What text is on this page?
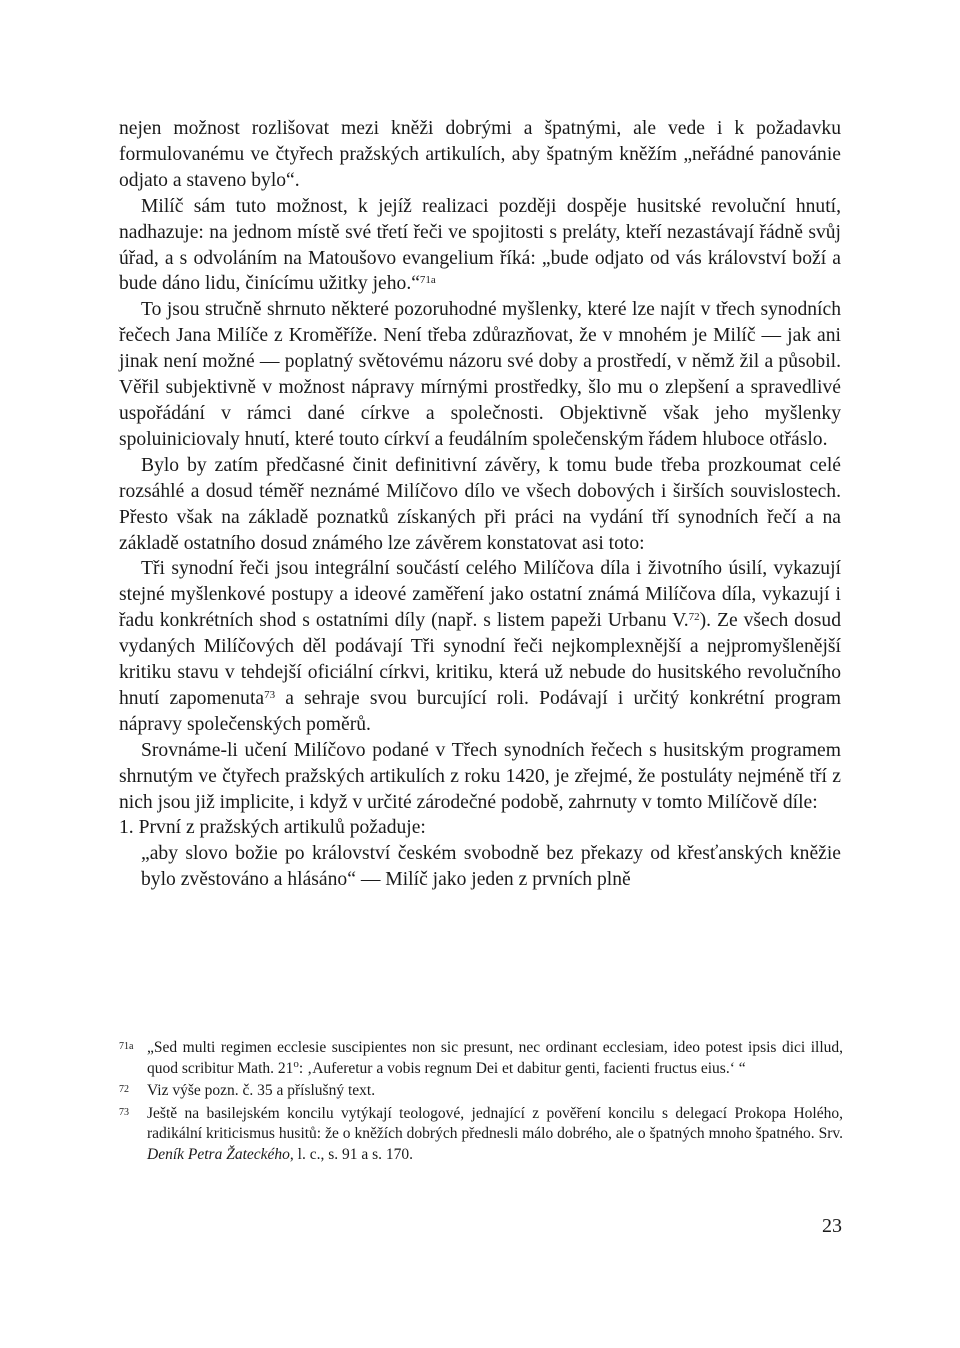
nejen možnost rozlišovat mezi kněži dobrými a špatnými, ale vede i k požadavku formulovanému ve čtyřech pražských artikulích, aby špatným kněžím „neřádné panovánie odjato a staveno bylo“.

Milíč sám tuto možnost, k jejíž realizaci později dospěje husitské revoluční hnutí, nadhazuje: na jednom místě své třetí řeči ve spojitosti s preláty, kteří nezastávají řádně svůj úřad, a s odvoláním na Matoušovo evangelium říká: „bude odjato od vás království boží a bude dáno lidu, činícímu užitky jeho.“$^{71a}$

To jsou stručně shrnuto některé pozoruhodné myšlenky, které lze najít v třech synodních řečech Jana Milíče z Kroměříže. Není třeba zdůrazňovat, že v mnohém je Milíč — jak ani jinak není možné — poplatný světovému názoru své doby a prostředí, v němž žil a působil. Věřil subjektivně v možnost nápravy mírnými prostředky, šlo mu o zlepšení a spravedlivé uspořádání v rámci dané církve a společnosti. Objektivně však jeho myšlenky spoluiniciovaly hnutí, které touto církví a feudálním společenským řádem hluboce otřáslo.

Bylo by zatím předčasné činit definitivní závěry, k tomu bude třeba prozkoumat celé rozsáhlé a dosud téměř neznámé Milíčovo dílo ve všech dobových i širších souvislostech. Přesto však na základě poznatků získaných při práci na vydání tří synodních řečí a na základě ostatního dosud známého lze závěrem konstatovat asi toto:

Tři synodní řeči jsou integrální součástí celého Milíčova díla i životního úsilí, vykazují stejné myšlenkové postupy a ideové zaměření jako ostatní známá Milíčova díla, vykazují i řadu konkrétních shod s ostatními díly (např. s listem papeži Urbanu V.$^{72}$). Ze všech dosud vydaných Milíčových děl podávají Tři synodní řeči nejkomplexnější a nejpromyšlenější kritiku stavu v tehdejší oficiální církvi, kritiku, která už nebude do husitského revolučního hnutí zapomenuta$^{73}$ a sehraje svou burcující roli. Podávají i určitý konkrétní program nápravy společenských poměrů.

Srovnáme-li učení Milíčovo podané v Třech synodních řečech s husitským programem shrnutým ve čtyřech pražských artikulích z roku 1420, je zřejmé, že postuláty nejméně tří z nich jsou již implicite, i když v určité zárodečné podobě, zahrnuty v tomto Milíčově díle:

1. První z pražských artikulů požaduje:

„aby slovo božie po království českém svobodně bez překazy od křesťanských kněžie bylo zvěstováno a hlásáno“ — Milíč jako jeden z prvních plně

71a „Sed multi regimen ecclesie suscipientes non sic presunt, nec ordinant ecclesiam, ideo potest ipsis dici illud, quod scribitur Math. 21$^o$: ‚Auferetur a vobis regnum Dei et dabitur genti, facienti fructus eius.‘ “

72 Viz výše pozn. č. 35 a příslušný text.

73 Ještě na basilejském koncilu vytýkají teologové, jednající z pověření koncilu s delegací Prokopa Holého, radikální kriticismus husitů: že o kněžích dobrých přednesli málo dobrého, ale o špatných mnoho špatného. Srv. Deník Petra Žateckého, l. c., s. 91 a s. 170.

23
